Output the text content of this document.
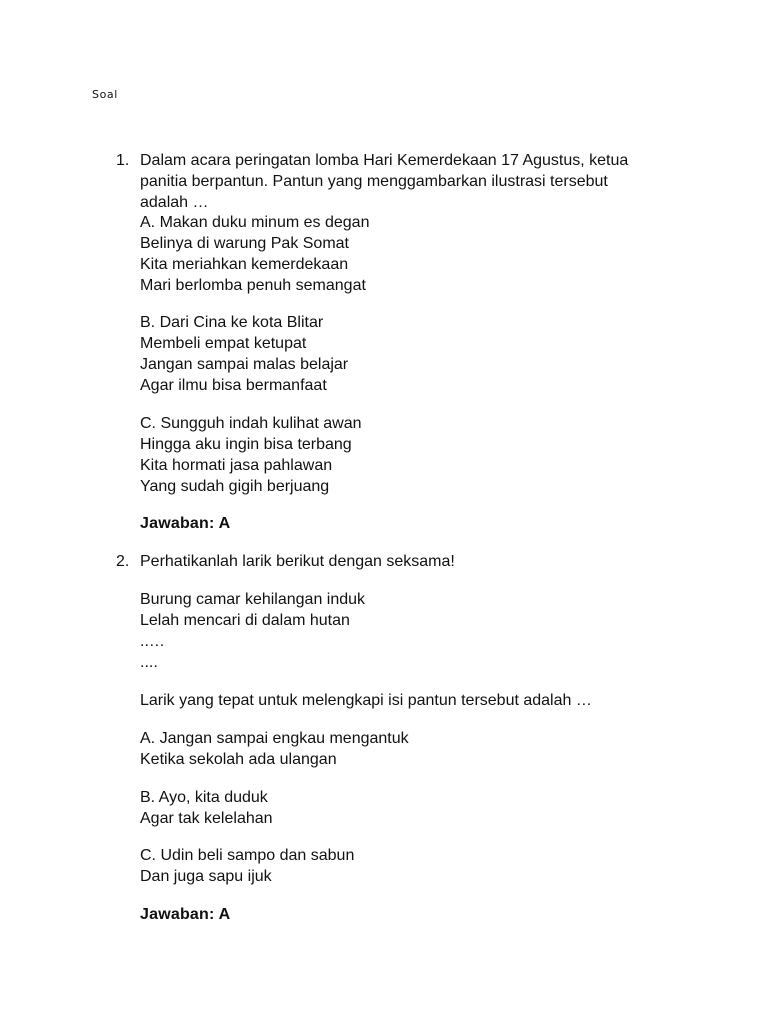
Soal
1. Dalam acara peringatan lomba Hari Kemerdekaan 17 Agustus, ketua
panitia berpantun. Pantun yang menggambarkan ilustrasi tersebut
adalah …
A. Makan duku minum es degan
Belinya di warung Pak Somat
Kita meriahkan kemerdekaan
Mari berlomba penuh semangat
B. Dari Cina ke kota Blitar
Membeli empat ketupat
Jangan sampai malas belajar
Agar ilmu bisa bermanfaat
C. Sungguh indah kulihat awan
Hingga aku ingin bisa terbang
Kita hormati jasa pahlawan
Yang sudah gigih berjuang
Jawaban: A
2. Perhatikanlah larik berikut dengan seksama!
Burung camar kehilangan induk
Lelah mencari di dalam hutan
..…
....
Larik yang tepat untuk melengkapi isi pantun tersebut adalah …
A. Jangan sampai engkau mengantuk
Ketika sekolah ada ulangan
B. Ayo, kita duduk
Agar tak kelelahan
C. Udin beli sampo dan sabun
Dan juga sapu ijuk
Jawaban: A
